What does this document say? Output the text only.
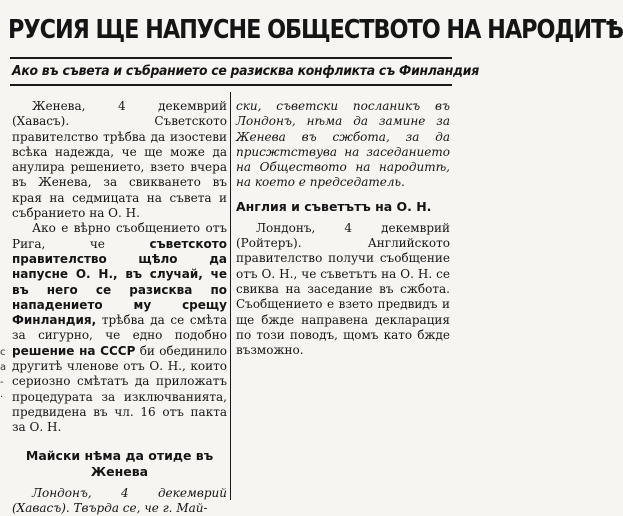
РУСИЯ ЩЕ НАПУСНЕ ОБЩЕСТВОТО НА НАРОДИТѢ
Ако въ съвета и събранието се разисква конфликта съ Финландия

Женева, 4 декемврий (Хавасъ).	Съветското правителство трѣбва да изостеви всѣка надежда, че ще може да анулира решението, взето вчера въ Женева, за свикването въ края на седмицата на съвета и събранието на О. Н.

Ако е вѣрно съобщението отъ Рига, че съветското правителство щѣло да напусне О. Н., въ случай, че въ него се разисква по нападението му срещу Финландия, трѣбва да се смѣта за сигурно, че едно подобно решение на СССР би обединило другитѣ членове отъ О. Н., които сериозно смѣтатъ да приложатъ процедурата за изключванията, предвидена въ чл. 16 отъ пакта за О. Н.

Майски нѣма да отиде въ Женева

Лондонъ, 4 декемврий (Хавасъ). Твърда се, че г. Май-

ски, съветски посланикъ въ Лондонъ, нѣма да замине за Женева въ сжбота, за да присжтствува на заседанието на Обществото на народитѣ, на което е председатель.

Англия и съветътъ на О. Н.

Лондонъ, 4 декемврий (Ройтеръ). Английското правителство получи съобщение отъ О. Н., че съветътъ на О. Н. се свиква на заседание въ сжбота. Съобщението е взето предвидъ и ще бжде направена декларация по този поводъ, щомъ като бжде възможно.

с
а
-
·
